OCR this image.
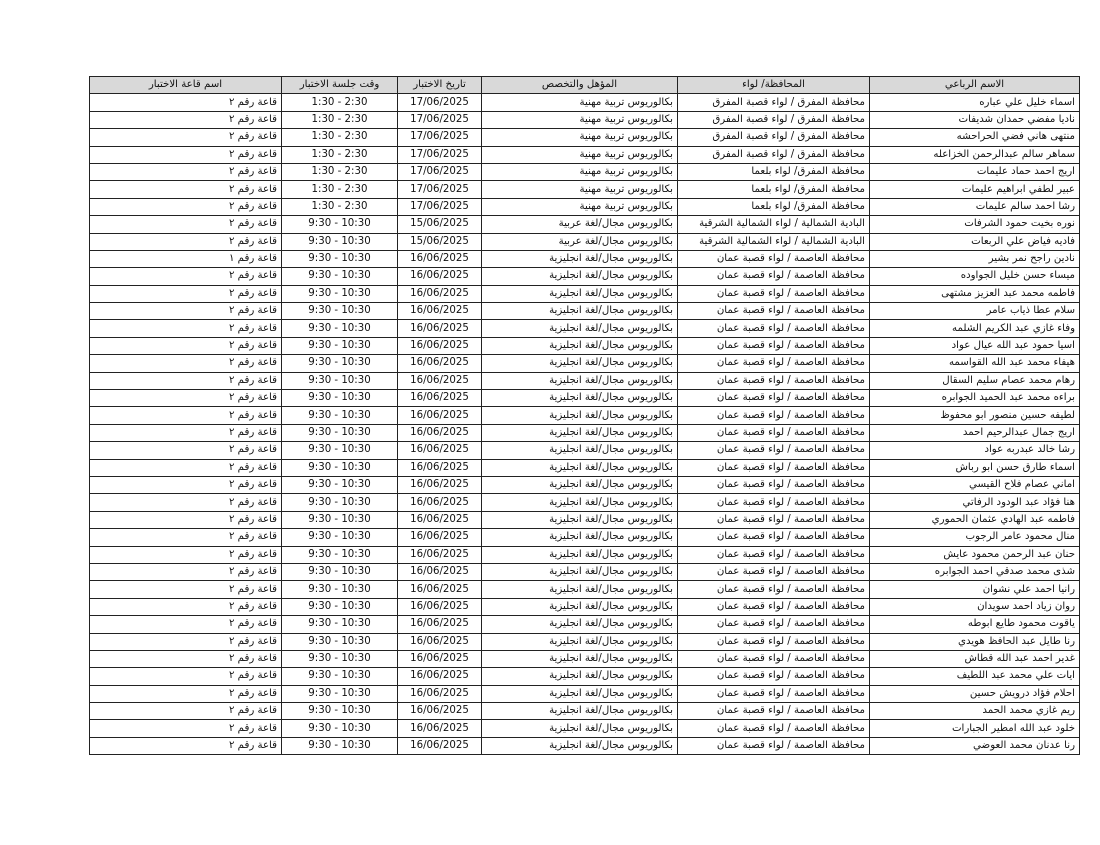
الاسم الرباعي	المحافظة/ لواء	المؤهل والتخصص	تاريخ الاختبار	وقت جلسة الاختبار	اسم قاعة الاختبار
اسماء خليل علي عباره	محافظة المفرق / لواء قصبة المفرق	بكالوريوس تربية مهنية	17/06/2025	1:30 - 2:30	قاعة رقم ٢
ناديا مفضي حمدان شديفات	محافظة المفرق / لواء قصبة المفرق	بكالوريوس تربية مهنية	17/06/2025	1:30 - 2:30	قاعة رقم ٢
منتهى هاني فضي الحراحشه	محافظة المفرق / لواء قصبة المفرق	بكالوريوس تربية مهنية	17/06/2025	1:30 - 2:30	قاعة رقم ٢
سماهر سالم عبدالرحمن الخزاعله	محافظة المفرق / لواء قصبة المفرق	بكالوريوس تربية مهنية	17/06/2025	1:30 - 2:30	قاعة رقم ٢
اريج احمد حماد عليمات	محافظة المفرق/ لواء بلعما	بكالوريوس تربية مهنية	17/06/2025	1:30 - 2:30	قاعة رقم ٢
عبير لطفي ابراهيم عليمات	محافظة المفرق/ لواء بلعما	بكالوريوس تربية مهنية	17/06/2025	1:30 - 2:30	قاعة رقم ٢
رشا احمد سالم عليمات	محافظة المفرق/ لواء بلعما	بكالوريوس تربية مهنية	17/06/2025	1:30 - 2:30	قاعة رقم ٢
نوره بخيت حمود الشرفات	البادية الشمالية / لواء الشمالية الشرقية	بكالوريوس مجال/لغة عربية	15/06/2025	9:30 - 10:30	قاعة رقم ٢
فاديه فياض علي الربعات	البادية الشمالية / لواء الشمالية الشرقية	بكالوريوس مجال/لغة عربية	15/06/2025	9:30 - 10:30	قاعة رقم ٢
نادين راجح نمر بشير	محافظة العاصمة / لواء قصبة عمان	بكالوريوس مجال/لغة انجليزية	16/06/2025	9:30 - 10:30	قاعة رقم ١
ميساء حسن خليل الجواوده	محافظة العاصمة / لواء قصبة عمان	بكالوريوس مجال/لغة انجليزية	16/06/2025	9:30 - 10:30	قاعة رقم ٢
فاطمه محمد عبد العزيز مشتهى	محافظة العاصمة / لواء قصبة عمان	بكالوريوس مجال/لغة انجليزية	16/06/2025	9:30 - 10:30	قاعة رقم ٢
سلام عطا ذياب عامر	محافظة العاصمة / لواء قصبة عمان	بكالوريوس مجال/لغة انجليزية	16/06/2025	9:30 - 10:30	قاعة رقم ٢
وفاء غازي عبد الكريم الشلمه	محافظة العاصمة / لواء قصبة عمان	بكالوريوس مجال/لغة انجليزية	16/06/2025	9:30 - 10:30	قاعة رقم ٢
اسيا حمود عبد الله عيال عواد	محافظة العاصمة / لواء قصبة عمان	بكالوريوس مجال/لغة انجليزية	16/06/2025	9:30 - 10:30	قاعة رقم ٢
هيفاء محمد عبد الله القواسمه	محافظة العاصمة / لواء قصبة عمان	بكالوريوس مجال/لغة انجليزية	16/06/2025	9:30 - 10:30	قاعة رقم ٢
رهام محمد عصام سليم السقال	محافظة العاصمة / لواء قصبة عمان	بكالوريوس مجال/لغة انجليزية	16/06/2025	9:30 - 10:30	قاعة رقم ٢
براءه محمد عبد الحميد الجوابره	محافظة العاصمة / لواء قصبة عمان	بكالوريوس مجال/لغة انجليزية	16/06/2025	9:30 - 10:30	قاعة رقم ٢
لطيفه حسين منصور ابو محفوظ	محافظة العاصمة / لواء قصبة عمان	بكالوريوس مجال/لغة انجليزية	16/06/2025	9:30 - 10:30	قاعة رقم ٢
اريج جمال عبدالرحيم احمد	محافظة العاصمة / لواء قصبة عمان	بكالوريوس مجال/لغة انجليزية	16/06/2025	9:30 - 10:30	قاعة رقم ٢
رشا خالد عبدربه عواد	محافظة العاصمة / لواء قصبة عمان	بكالوريوس مجال/لغة انجليزية	16/06/2025	9:30 - 10:30	قاعة رقم ٢
اسماء طارق حسن ابو رباش	محافظة العاصمة / لواء قصبة عمان	بكالوريوس مجال/لغة انجليزية	16/06/2025	9:30 - 10:30	قاعة رقم ٢
اماني عصام فلاح القيسي	محافظة العاصمة / لواء قصبة عمان	بكالوريوس مجال/لغة انجليزية	16/06/2025	9:30 - 10:30	قاعة رقم ٢
هنا فؤاد عبد الودود الرفاتي	محافظة العاصمة / لواء قصبة عمان	بكالوريوس مجال/لغة انجليزية	16/06/2025	9:30 - 10:30	قاعة رقم ٢
فاطمه عبد الهادي عثمان الحموري	محافظة العاصمة / لواء قصبة عمان	بكالوريوس مجال/لغة انجليزية	16/06/2025	9:30 - 10:30	قاعة رقم ٢
منال محمود عامر الرجوب	محافظة العاصمة / لواء قصبة عمان	بكالوريوس مجال/لغة انجليزية	16/06/2025	9:30 - 10:30	قاعة رقم ٢
حنان عبد الرحمن محمود عايش	محافظة العاصمة / لواء قصبة عمان	بكالوريوس مجال/لغة انجليزية	16/06/2025	9:30 - 10:30	قاعة رقم ٢
شذى محمد صدقي احمد الجوابره	محافظة العاصمة / لواء قصبة عمان	بكالوريوس مجال/لغة انجليزية	16/06/2025	9:30 - 10:30	قاعة رقم ٢
رانيا احمد علي نشوان	محافظة العاصمة / لواء قصبة عمان	بكالوريوس مجال/لغة انجليزية	16/06/2025	9:30 - 10:30	قاعة رقم ٢
روان زياد احمد سويدان	محافظة العاصمة / لواء قصبة عمان	بكالوريوس مجال/لغة انجليزية	16/06/2025	9:30 - 10:30	قاعة رقم ٢
ياقوت محمود طايع ابوطه	محافظة العاصمة / لواء قصبة عمان	بكالوريوس مجال/لغة انجليزية	16/06/2025	9:30 - 10:30	قاعة رقم ٢
رنا طايل عبد الحافظ هويدي	محافظة العاصمة / لواء قصبة عمان	بكالوريوس مجال/لغة انجليزية	16/06/2025	9:30 - 10:30	قاعة رقم ٢
غدير احمد عبد الله قطاش	محافظة العاصمة / لواء قصبة عمان	بكالوريوس مجال/لغة انجليزية	16/06/2025	9:30 - 10:30	قاعة رقم ٢
ايات علي محمد عبد اللطيف	محافظة العاصمة / لواء قصبة عمان	بكالوريوس مجال/لغة انجليزية	16/06/2025	9:30 - 10:30	قاعة رقم ٢
احلام فؤاد درويش حسين	محافظة العاصمة / لواء قصبة عمان	بكالوريوس مجال/لغة انجليزية	16/06/2025	9:30 - 10:30	قاعة رقم ٢
ريم غازي محمد الحمد	محافظة العاصمة / لواء قصبة عمان	بكالوريوس مجال/لغة انجليزية	16/06/2025	9:30 - 10:30	قاعة رقم ٢
خلود عبد الله امطير الجبارات	محافظة العاصمة / لواء قصبة عمان	بكالوريوس مجال/لغة انجليزية	16/06/2025	9:30 - 10:30	قاعة رقم ٢
رنا عدنان محمد العوضي	محافظة العاصمة / لواء قصبة عمان	بكالوريوس مجال/لغة انجليزية	16/06/2025	9:30 - 10:30	قاعة رقم ٢
